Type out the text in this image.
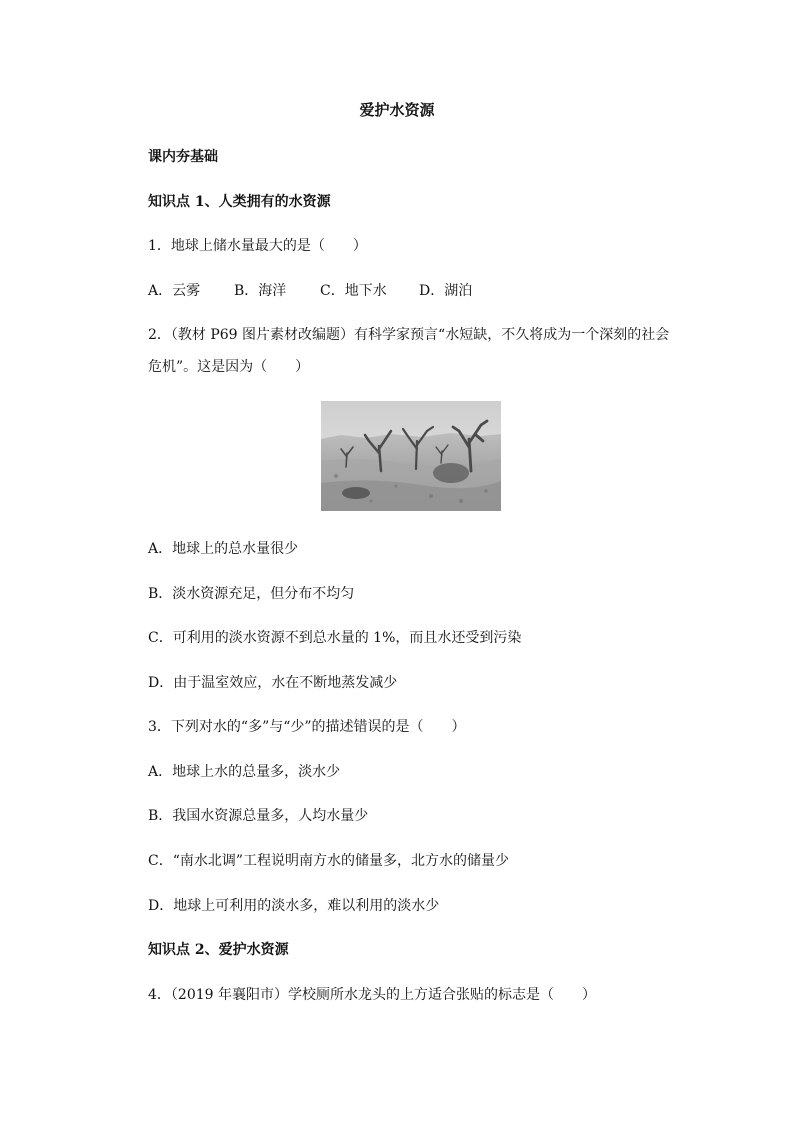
爱护水资源
课内夯基础
知识点 1、人类拥有的水资源
1．地球上储水量最大的是（　　）
A．云雾 B．海洋 C．地下水 D．湖泊
2．（教材 P69 图片素材改编题）有科学家预言“水短缺，不久将成为一个深刻的社会
危机”。这是因为（　　）
A．地球上的总水量很少
B．淡水资源充足，但分布不均匀
C．可利用的淡水资源不到总水量的 1%，而且水还受到污染
D．由于温室效应，水在不断地蒸发减少
3．下列对水的“多”与“少”的描述错误的是（　　）
A．地球上水的总量多，淡水少
B．我国水资源总量多，人均水量少
C．“南水北调”工程说明南方水的储量多，北方水的储量少
D．地球上可利用的淡水多，难以利用的淡水少
知识点 2、爱护水资源
4．（2019 年襄阳市）学校厕所水龙头的上方适合张贴的标志是（　　）
